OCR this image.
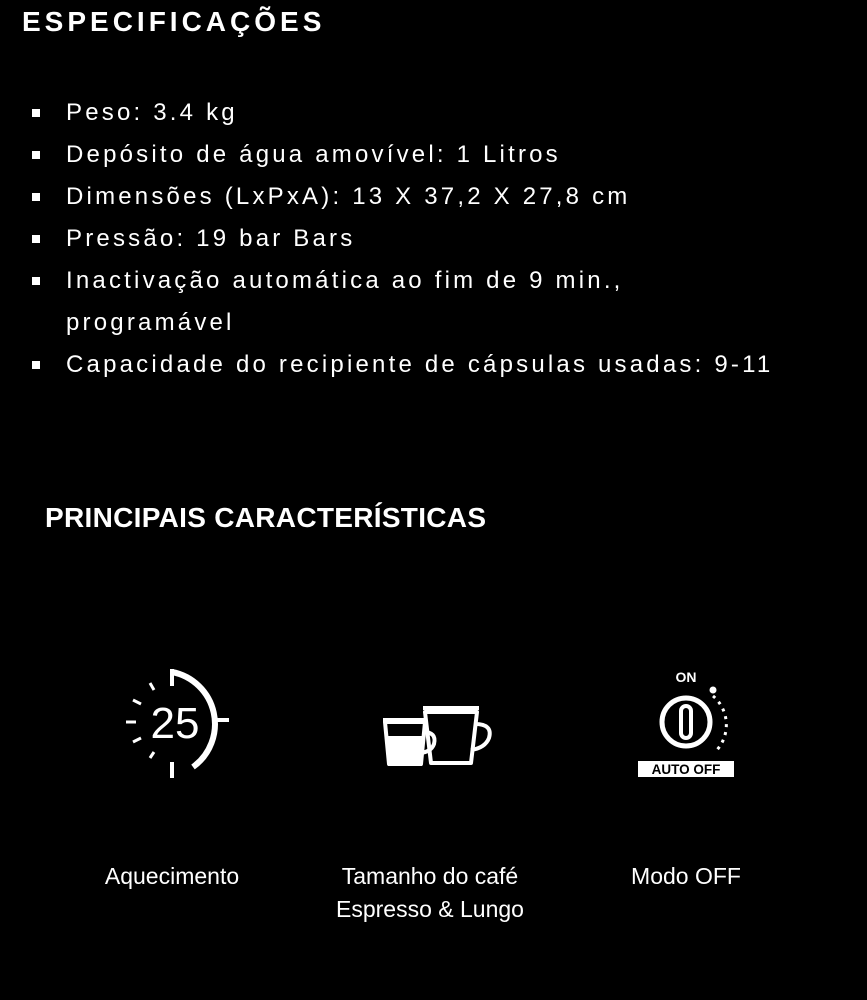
ESPECIFICAÇÕES
Peso: 3.4 kg
Depósito de água amovível: 1 Litros
Dimensões (LxPxA): 13 X 37,2 X 27,8 cm
Pressão: 19 bar Bars
Inactivação automática ao fim de 9 min., programável
Capacidade do recipiente de cápsulas usadas: 9-11
PRINCIPAIS CARACTERÍSTICAS
25
Aquecimento	Tamanho do café
Espresso & Lungo
ON
AUTO OFF
Modo OFF
